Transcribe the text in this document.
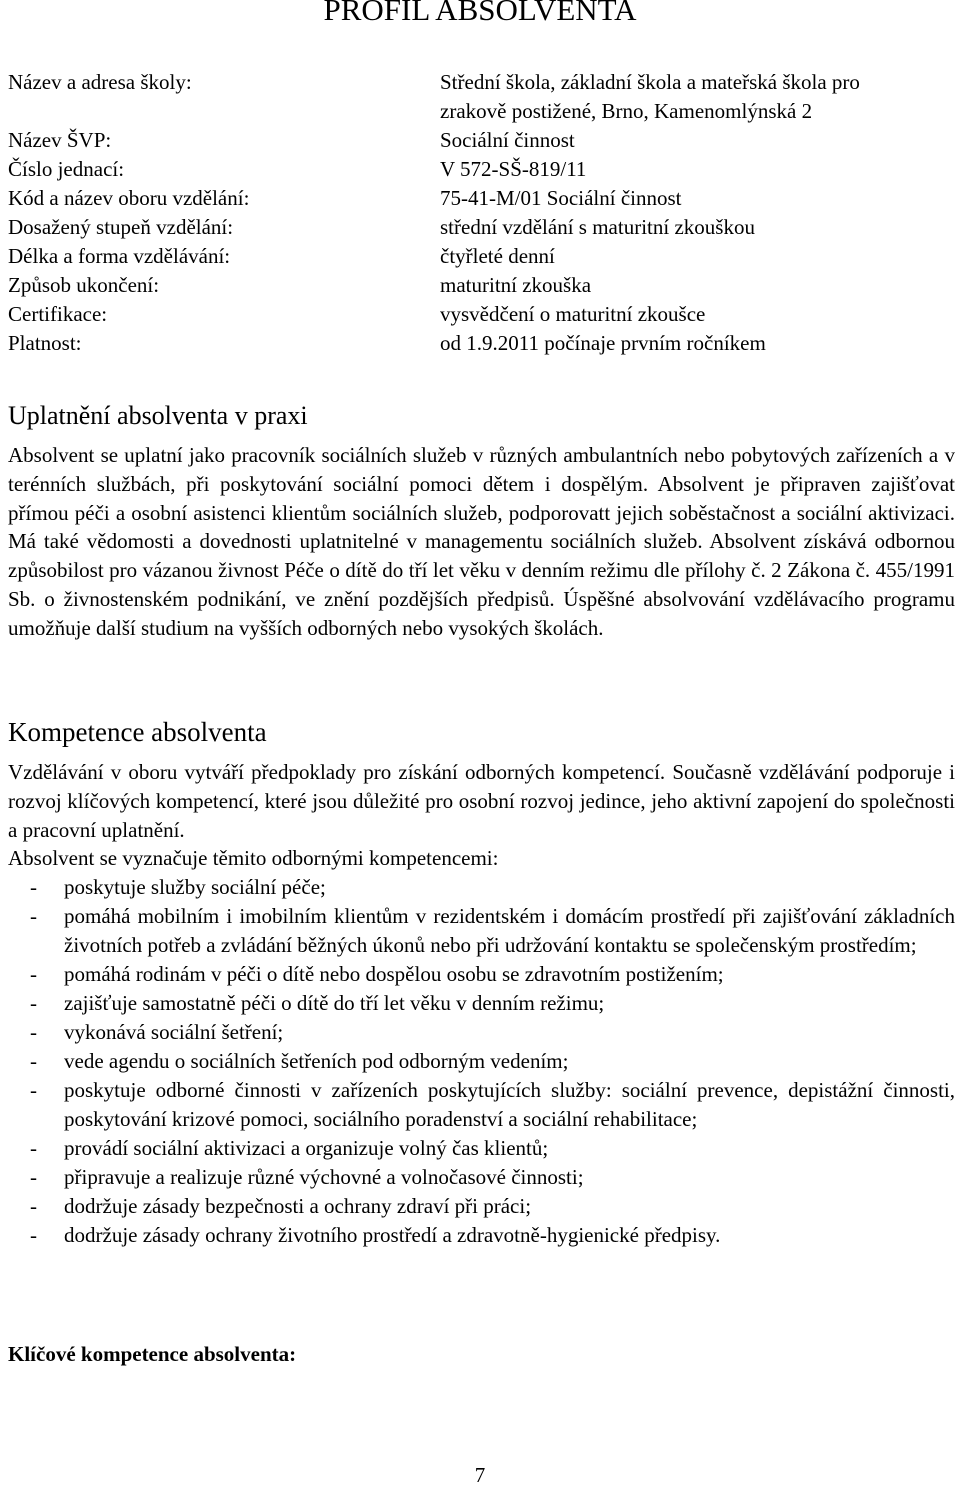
PROFIL ABSOLVENTA
Název a adresa školy:	Střední škola, základní škola a mateřská škola pro
zrakově postižené, Brno, Kamenomlýnská 2
Název ŠVP:	Sociální činnost
Číslo jednací:	V 572-SŠ-819/11
Kód a název oboru vzdělání:	75-41-M/01 Sociální činnost
Dosažený stupeň vzdělání:	střední vzdělání s maturitní zkouškou
Délka a forma vzdělávání:	čtyřleté denní
Způsob ukončení:	maturitní zkouška
Certifikace:	vysvědčení o maturitní zkoušce
Platnost:	od 1.9.2011 počínaje prvním ročníkem
Uplatnění absolventa v praxi

Absolvent se uplatní jako pracovník sociálních služeb v různých ambulantních nebo pobytových zařízeních a v terénních službách, při poskytování sociální pomoci dětem i dospělým. Absolvent je připraven zajišťovat přímou péči a osobní asistenci klientům sociálních služeb, podporovatt jejich soběstačnost a sociální aktivizaci. Má také vědomosti a dovednosti uplatnitelné v managementu sociálních služeb. Absolvent získává odbornou způsobilost pro vázanou živnost Péče o dítě do tří let věku v denním režimu dle přílohy č. 2 Zákona č. 455/1991 Sb. o živnostenském podnikání, ve znění pozdějších předpisů. Úspěšné absolvování vzdělávacího programu umožňuje další studium na vyšších odborných nebo vysokých školách.

Kompetence absolventa

Vzdělávání v oboru vytváří předpoklady pro získání odborných kompetencí. Současně vzdělávání podporuje i rozvoj klíčových kompetencí, které jsou důležité pro osobní rozvoj jedince, jeho aktivní zapojení do společnosti a pracovní uplatnění.

Absolvent se vyznačuje těmito odbornými kompetencemi:

- poskytuje služby sociální péče;
- pomáhá mobilním i imobilním klientům v rezidentském i domácím prostředí při zajišťování základních životních potřeb a zvládání běžných úkonů nebo při udržování kontaktu se společenským prostředím;
- pomáhá rodinám v péči o dítě nebo dospělou osobu se zdravotním postižením;
- zajišťuje samostatně péči o dítě do tří let věku v denním režimu;
- vykonává sociální šetření;
- vede agendu o sociálních šetřeních pod odborným vedením;
- poskytuje odborné činnosti v zařízeních poskytujících služby: sociální prevence, depistážní činnosti, poskytování krizové pomoci, sociálního poradenství a sociální rehabilitace;
- provádí sociální aktivizaci a organizuje volný čas klientů;
- připravuje a realizuje různé výchovné a volnočasové činnosti;
- dodržuje zásady bezpečnosti a ochrany zdraví při práci;
- dodržuje zásady ochrany životního prostředí a zdravotně-hygienické předpisy.
Klíčové kompetence absolventa:
7
